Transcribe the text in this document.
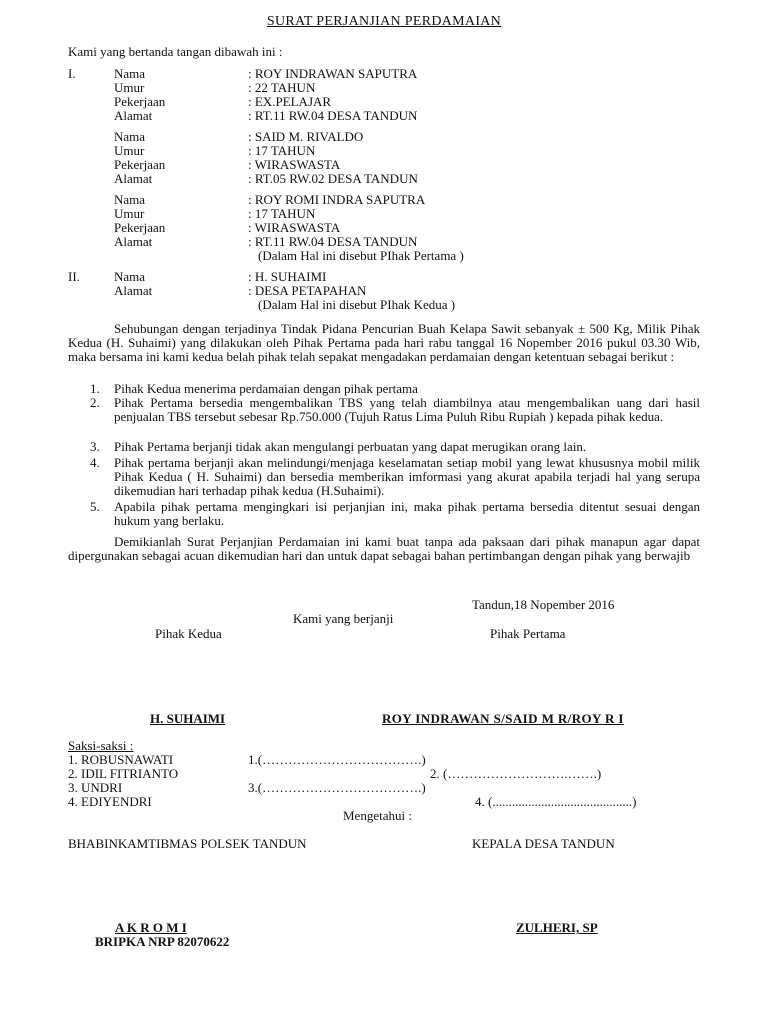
SURAT PERJANJIAN PERDAMAIAN
Kami yang bertanda tangan dibawah ini :
I.	Nama	: ROY INDRAWAN SAPUTRA
Umur	: 22 TAHUN
Pekerjaan	: EX.PELAJAR
Alamat	: RT.11 RW.04 DESA TANDUN
Nama	: SAID M. RIVALDO
Umur	: 17 TAHUN
Pekerjaan	: WIRASWASTA
Alamat	: RT.05 RW.02 DESA TANDUN
Nama	: ROY ROMI INDRA SAPUTRA
Umur	: 17 TAHUN
Pekerjaan	: WIRASWASTA
Alamat	: RT.11 RW.04 DESA TANDUN
(Dalam Hal ini disebut PIhak Pertama )
II.	Nama	: H. SUHAIMI
Alamat	: DESA PETAPAHAN
(Dalam Hal ini disebut PIhak Kedua )
Sehubungan dengan terjadinya Tindak Pidana Pencurian Buah Kelapa Sawit sebanyak ± 500 Kg, Milik Pihak Kedua (H. Suhaimi) yang dilakukan oleh Pihak Pertama pada hari rabu tanggal 16 Nopember 2016 pukul 03.30 Wib, maka bersama ini kami kedua belah pihak telah sepakat mengadakan perdamaian dengan ketentuan sebagai berikut :
1. Pihak Kedua menerima perdamaian dengan pihak pertama
2. Pihak Pertama bersedia mengembalikan TBS yang telah diambilnya atau mengembalikan uang dari hasil penjualan TBS tersebut sebesar Rp.750.000 (Tujuh Ratus Lima Puluh Ribu Rupiah ) kepada pihak kedua.
3. Pihak Pertama berjanji tidak akan mengulangi perbuatan yang dapat merugikan orang lain.
4. Pihak pertama berjanji akan melindungi/menjaga keselamatan setiap mobil yang lewat khususnya mobil milik Pihak Kedua ( H. Suhaimi) dan bersedia memberikan imformasi yang akurat apabila terjadi hal yang serupa dikemudian hari terhadap pihak kedua (H.Suhaimi).
5. Apabila pihak pertama mengingkari isi perjanjian ini, maka pihak pertama bersedia ditentut sesuai dengan hukum yang berlaku.
Demikianlah Surat Perjanjian Perdamaian ini kami buat tanpa ada paksaan dari pihak manapun agar dapat dipergunakan sebagai acuan dikemudian hari dan untuk dapat sebagai bahan pertimbangan dengan pihak yang berwajib
Tandun,18 Nopember 2016
Kami yang berjanji
Pihak Kedua	Pihak Pertama
H. SUHAIMI	ROY INDRAWAN S/SAID M R/ROY R I
Saksi-saksi :
1. ROBUSNAWATI	1.(……………………………….)
2. IDIL FITRIANTO	2. (……………………….…….)
3. UNDRI	3.(……………………………….)
4. EDIYENDRI	4. (...........................................)
Mengetahui :
BHABINKAMTIBMAS POLSEK TANDUN	KEPALA DESA TANDUN
A K R O M I
BRIPKA NRP 82070622
ZULHERI, SP
